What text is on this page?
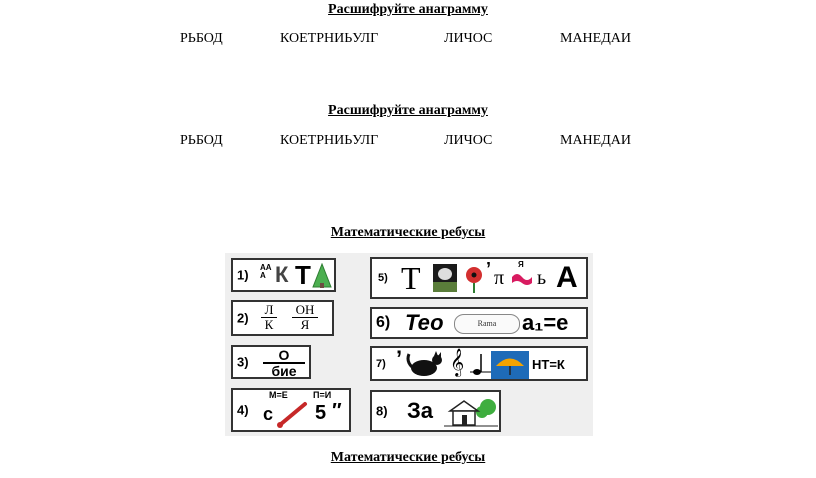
Расшифруйте анаграмму
РЬБОД	КОЕТРНИЬУЛГ	ЛИЧОС	МАНЕДАИ
Расшифруйте анаграмму
РЬБОД	КОЕТРНИЬУЛГ	ЛИЧОС	МАНЕДАИ
Математические ребусы
1) ААА К Т
2)
Л
К
ОН
Я
3)	О
бие
4)
М=Е	П=И
с 5 ″
5) Т	’ π
Я
ь А
6) Тео	Rama	а₁=е
7) ’ 𝄞	НТ=К
8) За
Математические ребусы
